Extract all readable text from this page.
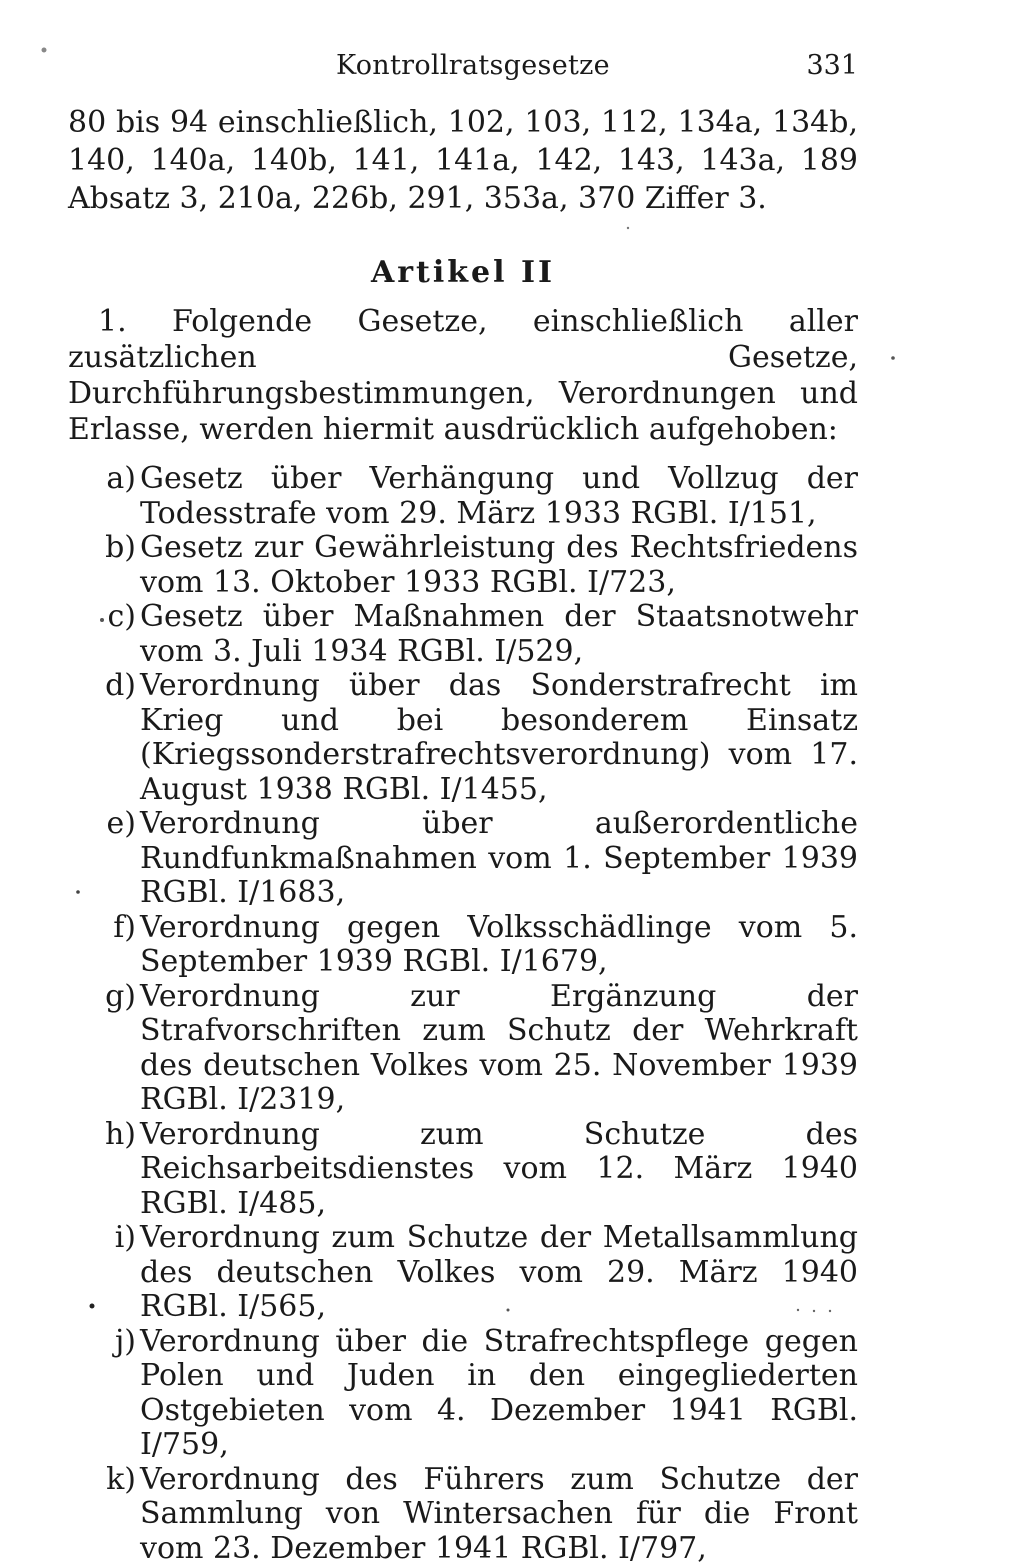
Kontrollratsgesetze	331

80 bis 94 einschließlich, 102, 103, 112, 134a, 134b, 140, 140a, 140b, 141, 141a, 142, 143, 143a, 189 Absatz 3, 210a, 226b, 291, 353a, 370 Ziffer 3.

Artikel II

1. Folgende Gesetze, einschließlich aller zusätzlichen Gesetze, Durchführungsbestimmungen, Verordnungen und Erlasse, werden hiermit ausdrücklich aufgehoben:

a) Gesetz über Verhängung und Vollzug der Todesstrafe vom 29. März 1933 RGBl. I/151,
b) Gesetz zur Gewährleistung des Rechtsfriedens vom 13. Oktober 1933 RGBl. I/723,
c) Gesetz über Maßnahmen der Staatsnotwehr vom 3. Juli 1934 RGBl. I/529,
d) Verordnung über das Sonderstrafrecht im Krieg und bei besonderem Einsatz (Kriegssonderstrafrechtsverordnung) vom 17. August 1938 RGBl. I/1455,
e) Verordnung über außerordentliche Rundfunkmaßnahmen vom 1. September 1939 RGBl. I/1683,
f) Verordnung gegen Volksschädlinge vom 5. September 1939 RGBl. I/1679,
g) Verordnung zur Ergänzung der Strafvorschriften zum Schutz der Wehrkraft des deutschen Volkes vom 25. November 1939 RGBl. I/2319,
h) Verordnung zum Schutze des Reichsarbeitsdienstes vom 12. März 1940 RGBl. I/485,
i) Verordnung zum Schutze der Metallsammlung des deutschen Volkes vom 29. März 1940 RGBl. I/565,
j) Verordnung über die Strafrechtspflege gegen Polen und Juden in den eingegliederten Ostgebieten vom 4. Dezember 1941 RGBl. I/759,
k) Verordnung des Führers zum Schutze der Sammlung von Wintersachen für die Front vom 23. Dezember 1941 RGBl. I/797,
